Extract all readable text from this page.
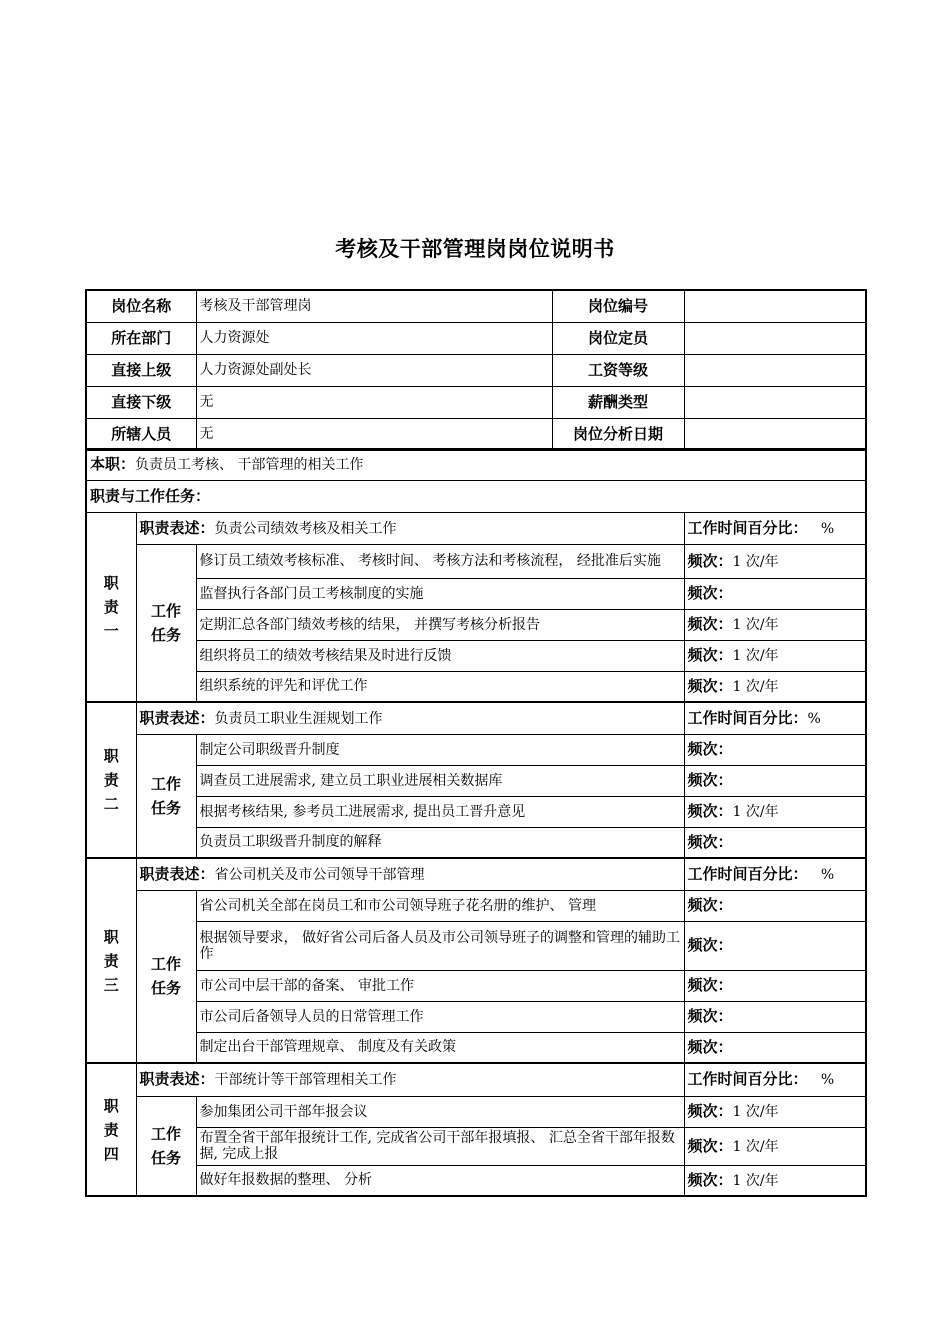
考核及干部管理岗岗位说明书
岗位名称	考核及干部管理岗	岗位编号	
所在部门	人力资源处	岗位定员	
直接上级	人力资源处副处长	工资等级	
直接下级	无	薪酬类型	
所辖人员	无	岗位分析日期	
本职：负责员工考核、 干部管理的相关工作			
职责与工作任务：			

职
责
一	职责表述：负责公司绩效考核及相关工作		工作时间百分比：   %

	工作
任务	修订员工绩效考核标准、 考核时间、 考核方法和考核流程， 经批准后实施	频次：1 次/年
		监督执行各部门员工考核制度的实施	频次：
		定期汇总各部门绩效考核的结果， 并撰写考核分析报告	频次：1 次/年
		组织将员工的绩效考核结果及时进行反馈	频次：1 次/年
		组织系统的评先和评优工作	频次：1 次/年

职
责
二	职责表述：负责员工职业生涯规划工作		工作时间百分比：%

	工作
任务	制定公司职级晋升制度	频次：
		调查员工进展需求, 建立员工职业进展相关数据库	频次：
		根据考核结果, 参考员工进展需求, 提出员工晋升意见	频次：1 次/年
		负责员工职级晋升制度的解释	频次：

职
责
三	职责表述：省公司机关及市公司领导干部管理		工作时间百分比：   %

	工作
任务	省公司机关全部在岗员工和市公司领导班子花名册的维护、 管理	频次：
		根据领导要求， 做好省公司后备人员及市公司领导班子的调整和管理的辅助工作	频次：
		市公司中层干部的备案、 审批工作	频次：
		市公司后备领导人员的日常管理工作	频次：
		制定出台干部管理规章、 制度及有关政策	频次：

职
责
四	职责表述：干部统计等干部管理相关工作		工作时间百分比：   %

	工作
任务	参加集团公司干部年报会议	频次：1 次/年
		布置全省干部年报统计工作, 完成省公司干部年报填报、 汇总全省干部年报数据, 完成上报	频次：1 次/年
		做好年报数据的整理、 分析	频次：1 次/年
